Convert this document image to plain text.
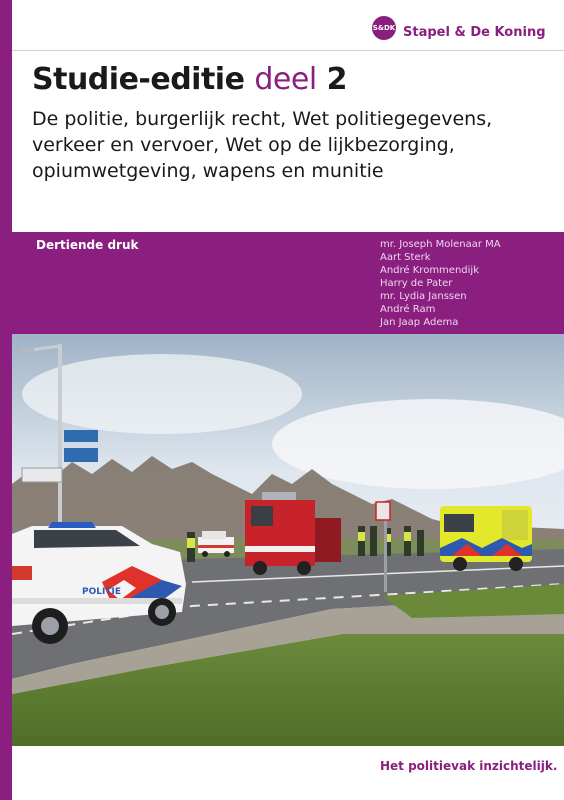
S&DK Stapel & De Koning
Studie-editie deel 2
De politie, burgerlijk recht, Wet politiegegevens,
verkeer en vervoer, Wet op de lijkbezorging,
opiumwetgeving, wapens en munitie
Dertiende druk	mr. Joseph Molenaar MA
Aart Sterk
André Krommendijk
Harry de Pater
mr. Lydia Janssen
André Ram
Jan Jaap Adema
POLITIE
Het politievak inzichtelijk.
